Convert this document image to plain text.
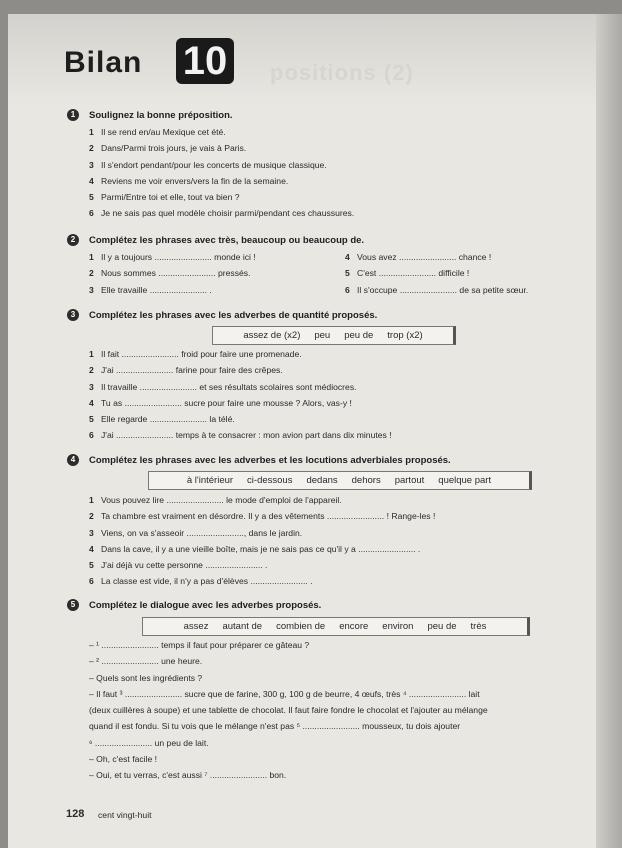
positions (2)
Bilan 10
1	Soulignez la bonne préposition.
1 Il se rend en/au Mexique cet été.
2 Dans/Parmi trois jours, je vais à Paris.
3 Il s'endort pendant/pour les concerts de musique classique.
4 Reviens me voir envers/vers la fin de la semaine.
5 Parmi/Entre toi et elle, tout va bien ?
6 Je ne sais pas quel modèle choisir parmi/pendant ces chaussures.
2	Complétez les phrases avec très, beaucoup ou beaucoup de.
1 Il y a toujours ........................ monde ici !	4 Vous avez ........................ chance !
2 Nous sommes ........................ pressés.	5 C'est ........................ difficile !
3 Elle travaille ........................ .	6 Il s'occupe ........................ de sa petite sœur.
3	Complétez les phrases avec les adverbes de quantité proposés.
assez de (x2) peu peu de trop (x2)
1 Il fait ........................ froid pour faire une promenade.
2 J'ai ........................ farine pour faire des crêpes.
3 Il travaille ........................ et ses résultats scolaires sont médiocres.
4 Tu as ........................ sucre pour faire une mousse ? Alors, vas-y !
5 Elle regarde ........................ la télé.
6 J'ai ........................ temps à te consacrer : mon avion part dans dix minutes !
4	Complétez les phrases avec les adverbes et les locutions adverbiales proposés.
à l'intérieur ci-dessous dedans dehors partout quelque part
1 Vous pouvez lire ........................ le mode d'emploi de l'appareil.
2 Ta chambre est vraiment en désordre. Il y a des vêtements ........................ ! Range-les !
3 Viens, on va s'asseoir ........................, dans le jardin.
4 Dans la cave, il y a une vieille boîte, mais je ne sais pas ce qu'il y a ........................ .
5 J'ai déjà vu cette personne ........................ .
6 La classe est vide, il n'y a pas d'élèves ........................ .
5	Complétez le dialogue avec les adverbes proposés.
assez autant de combien de encore environ peu de très
– ¹ ........................ temps il faut pour préparer ce gâteau ?
– ² ........................ une heure.
– Quels sont les ingrédients ?
– Il faut ³ ........................ sucre que de farine, 300 g, 100 g de beurre, 4 œufs, très ⁴ ........................ lait
(deux cuillères à soupe) et une tablette de chocolat. Il faut faire fondre le chocolat et l'ajouter au mélange
quand il est fondu. Si tu vois que le mélange n'est pas ⁵ ........................ mousseux, tu dois ajouter
⁶ ........................ un peu de lait.
– Oh, c'est facile !
– Oui, et tu verras, c'est aussi ⁷ ........................ bon.
128 cent vingt-huit
